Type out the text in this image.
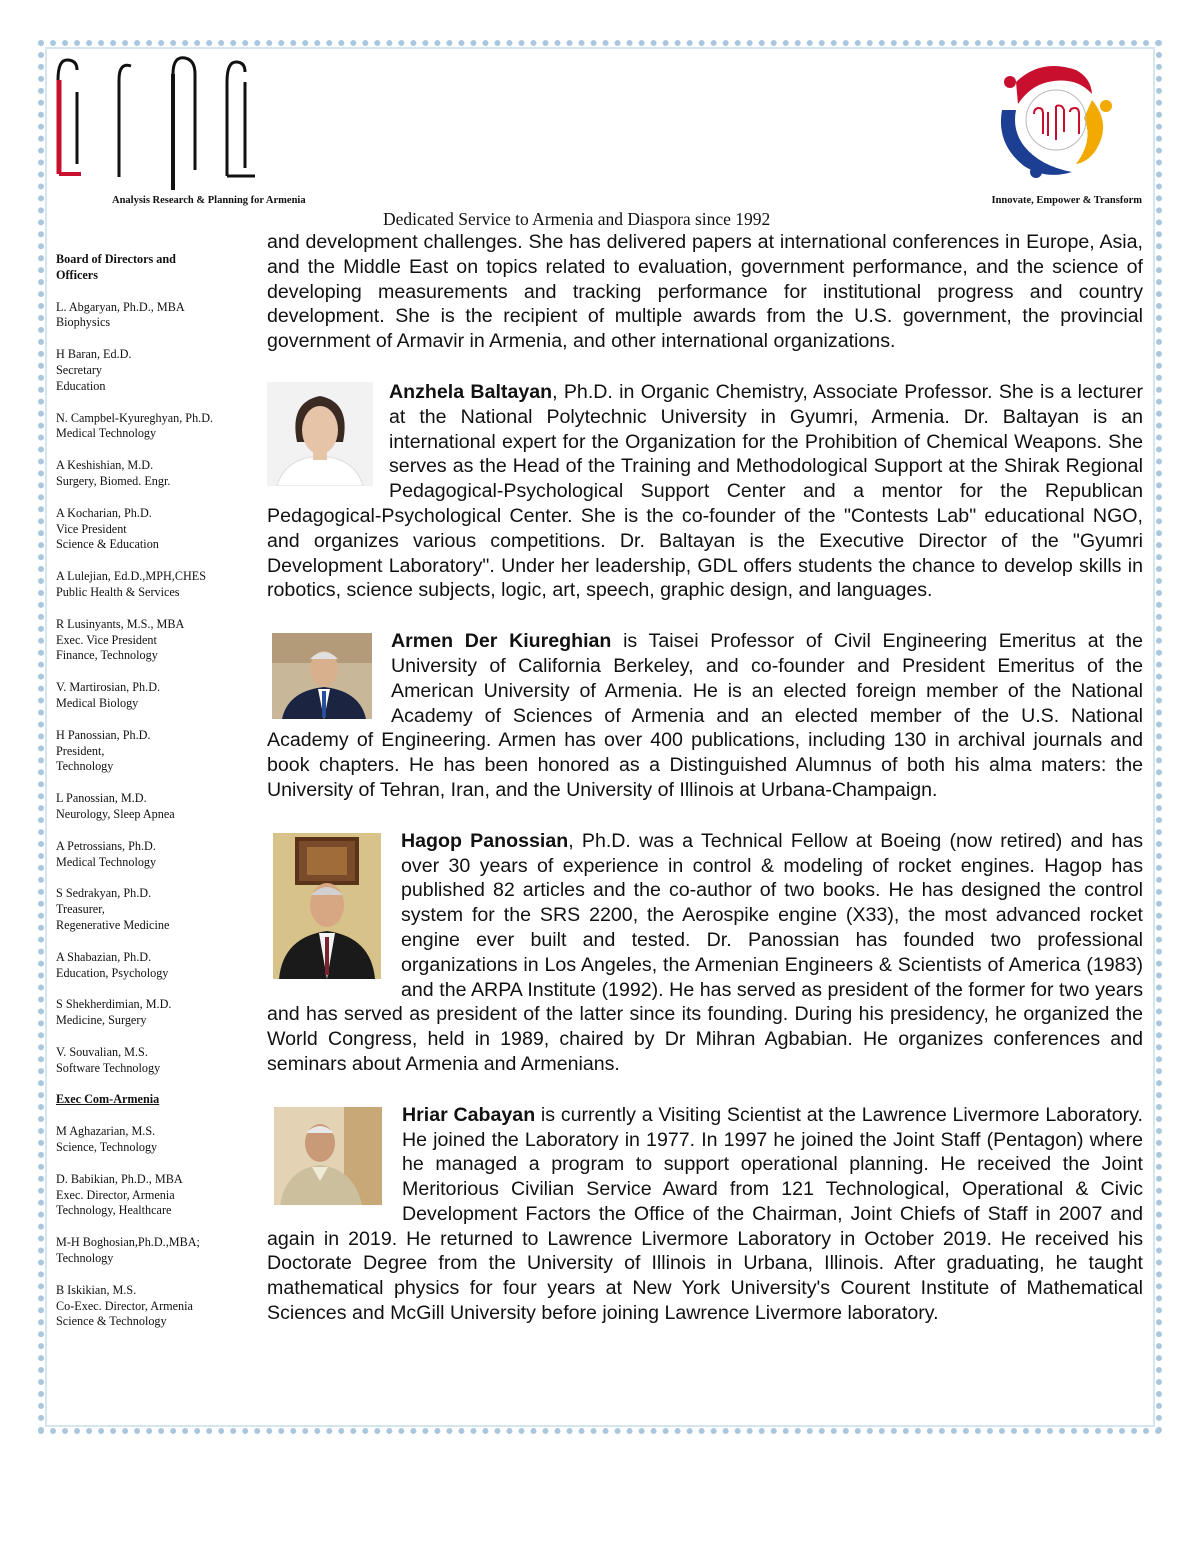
Analysis Research & Planning for Armenia	Innovate, Empower & Transform
Dedicated Service to Armenia and Diaspora since 1992
Board of Directors and Officers
L. Abgaryan, Ph.D., MBA
Biophysics
H Baran, Ed.D.
Secretary
Education
N. Campbel-Kyureghyan, Ph.D.
Medical Technology
A Keshishian, M.D.
Surgery, Biomed. Engr.
A Kocharian, Ph.D.
Vice President
Science & Education
A Lulejian, Ed.D.,MPH,CHES
Public Health & Services
R Lusinyants, M.S., MBA
Exec. Vice President
Finance, Technology
V. Martirosian, Ph.D.
Medical Biology
H Panossian, Ph.D.
President,
Technology
L Panossian, M.D.
Neurology, Sleep Apnea
A Petrossians, Ph.D.
Medical Technology
S Sedrakyan, Ph.D.
Treasurer,
Regenerative Medicine
A Shabazian, Ph.D.
Education, Psychology
S Shekherdimian, M.D.
Medicine, Surgery
V. Souvalian, M.S.
Software Technology
Exec Com-Armenia
M Aghazarian, M.S.
Science, Technology
D. Babikian, Ph.D., MBA
Exec. Director, Armenia
Technology, Healthcare
M-H Boghosian,Ph.D.,MBA;
Technology
B Iskikian, M.S.
Co-Exec. Director, Armenia
Science & Technology

and development challenges. She has delivered papers at international conferences in Europe, Asia, and the Middle East on topics related to evaluation, government performance, and the science of developing measurements and tracking performance for institutional progress and country development. She is the recipient of multiple awards from the U.S. government, the provincial government of Armavir in Armenia, and other international organizations.

Anzhela Baltayan, Ph.D. in Organic Chemistry, Associate Professor. She is a lecturer at the National Polytechnic University in Gyumri, Armenia. Dr. Baltayan is an international expert for the Organization for the Prohibition of Chemical Weapons. She serves as the Head of the Training and Methodological Support at the Shirak Regional Pedagogical-Psychological Support Center and a mentor for the Republican Pedagogical-Psychological Center. She is the co-founder of the "Contests Lab" educational NGO, and organizes various competitions. Dr. Baltayan is the Executive Director of the "Gyumri Development Laboratory". Under her leadership, GDL offers students the chance to develop skills in robotics, science subjects, logic, art, speech, graphic design, and languages.

Armen Der Kiureghian is Taisei Professor of Civil Engineering Emeritus at the University of California Berkeley, and co-founder and President Emeritus of the American University of Armenia. He is an elected foreign member of the National Academy of Sciences of Armenia and an elected member of the U.S. National Academy of Engineering. Armen has over 400 publications, including 130 in archival journals and book chapters. He has been honored as a Distinguished Alumnus of both his alma maters: the University of Tehran, Iran, and the University of Illinois at Urbana-Champaign.

Hagop Panossian, Ph.D. was a Technical Fellow at Boeing (now retired) and has over 30 years of experience in control & modeling of rocket engines. Hagop has published 82 articles and the co-author of two books. He has designed the control system for the SRS 2200, the Aerospike engine (X33), the most advanced rocket engine ever built and tested. Dr. Panossian has founded two professional organizations in Los Angeles, the Armenian Engineers & Scientists of America (1983) and the ARPA Institute (1992). He has served as president of the former for two years and has served as president of the latter since its founding. During his presidency, he organized the World Congress, held in 1989, chaired by Dr Mihran Agbabian. He organizes conferences and seminars about Armenia and Armenians.

Hriar Cabayan is currently a Visiting Scientist at the Lawrence Livermore Laboratory. He joined the Laboratory in 1977. In 1997 he joined the Joint Staff (Pentagon) where he managed a program to support operational planning. He received the Joint Meritorious Civilian Service Award from 121 Technological, Operational & Civic Development Factors the Office of the Chairman, Joint Chiefs of Staff in 2007 and again in 2019. He returned to Lawrence Livermore Laboratory in October 2019. He received his Doctorate Degree from the University of Illinois in Urbana, Illinois. After graduating, he taught mathematical physics for four years at New York University's Courent Institute of Mathematical Sciences and McGill University before joining Lawrence Livermore laboratory.
